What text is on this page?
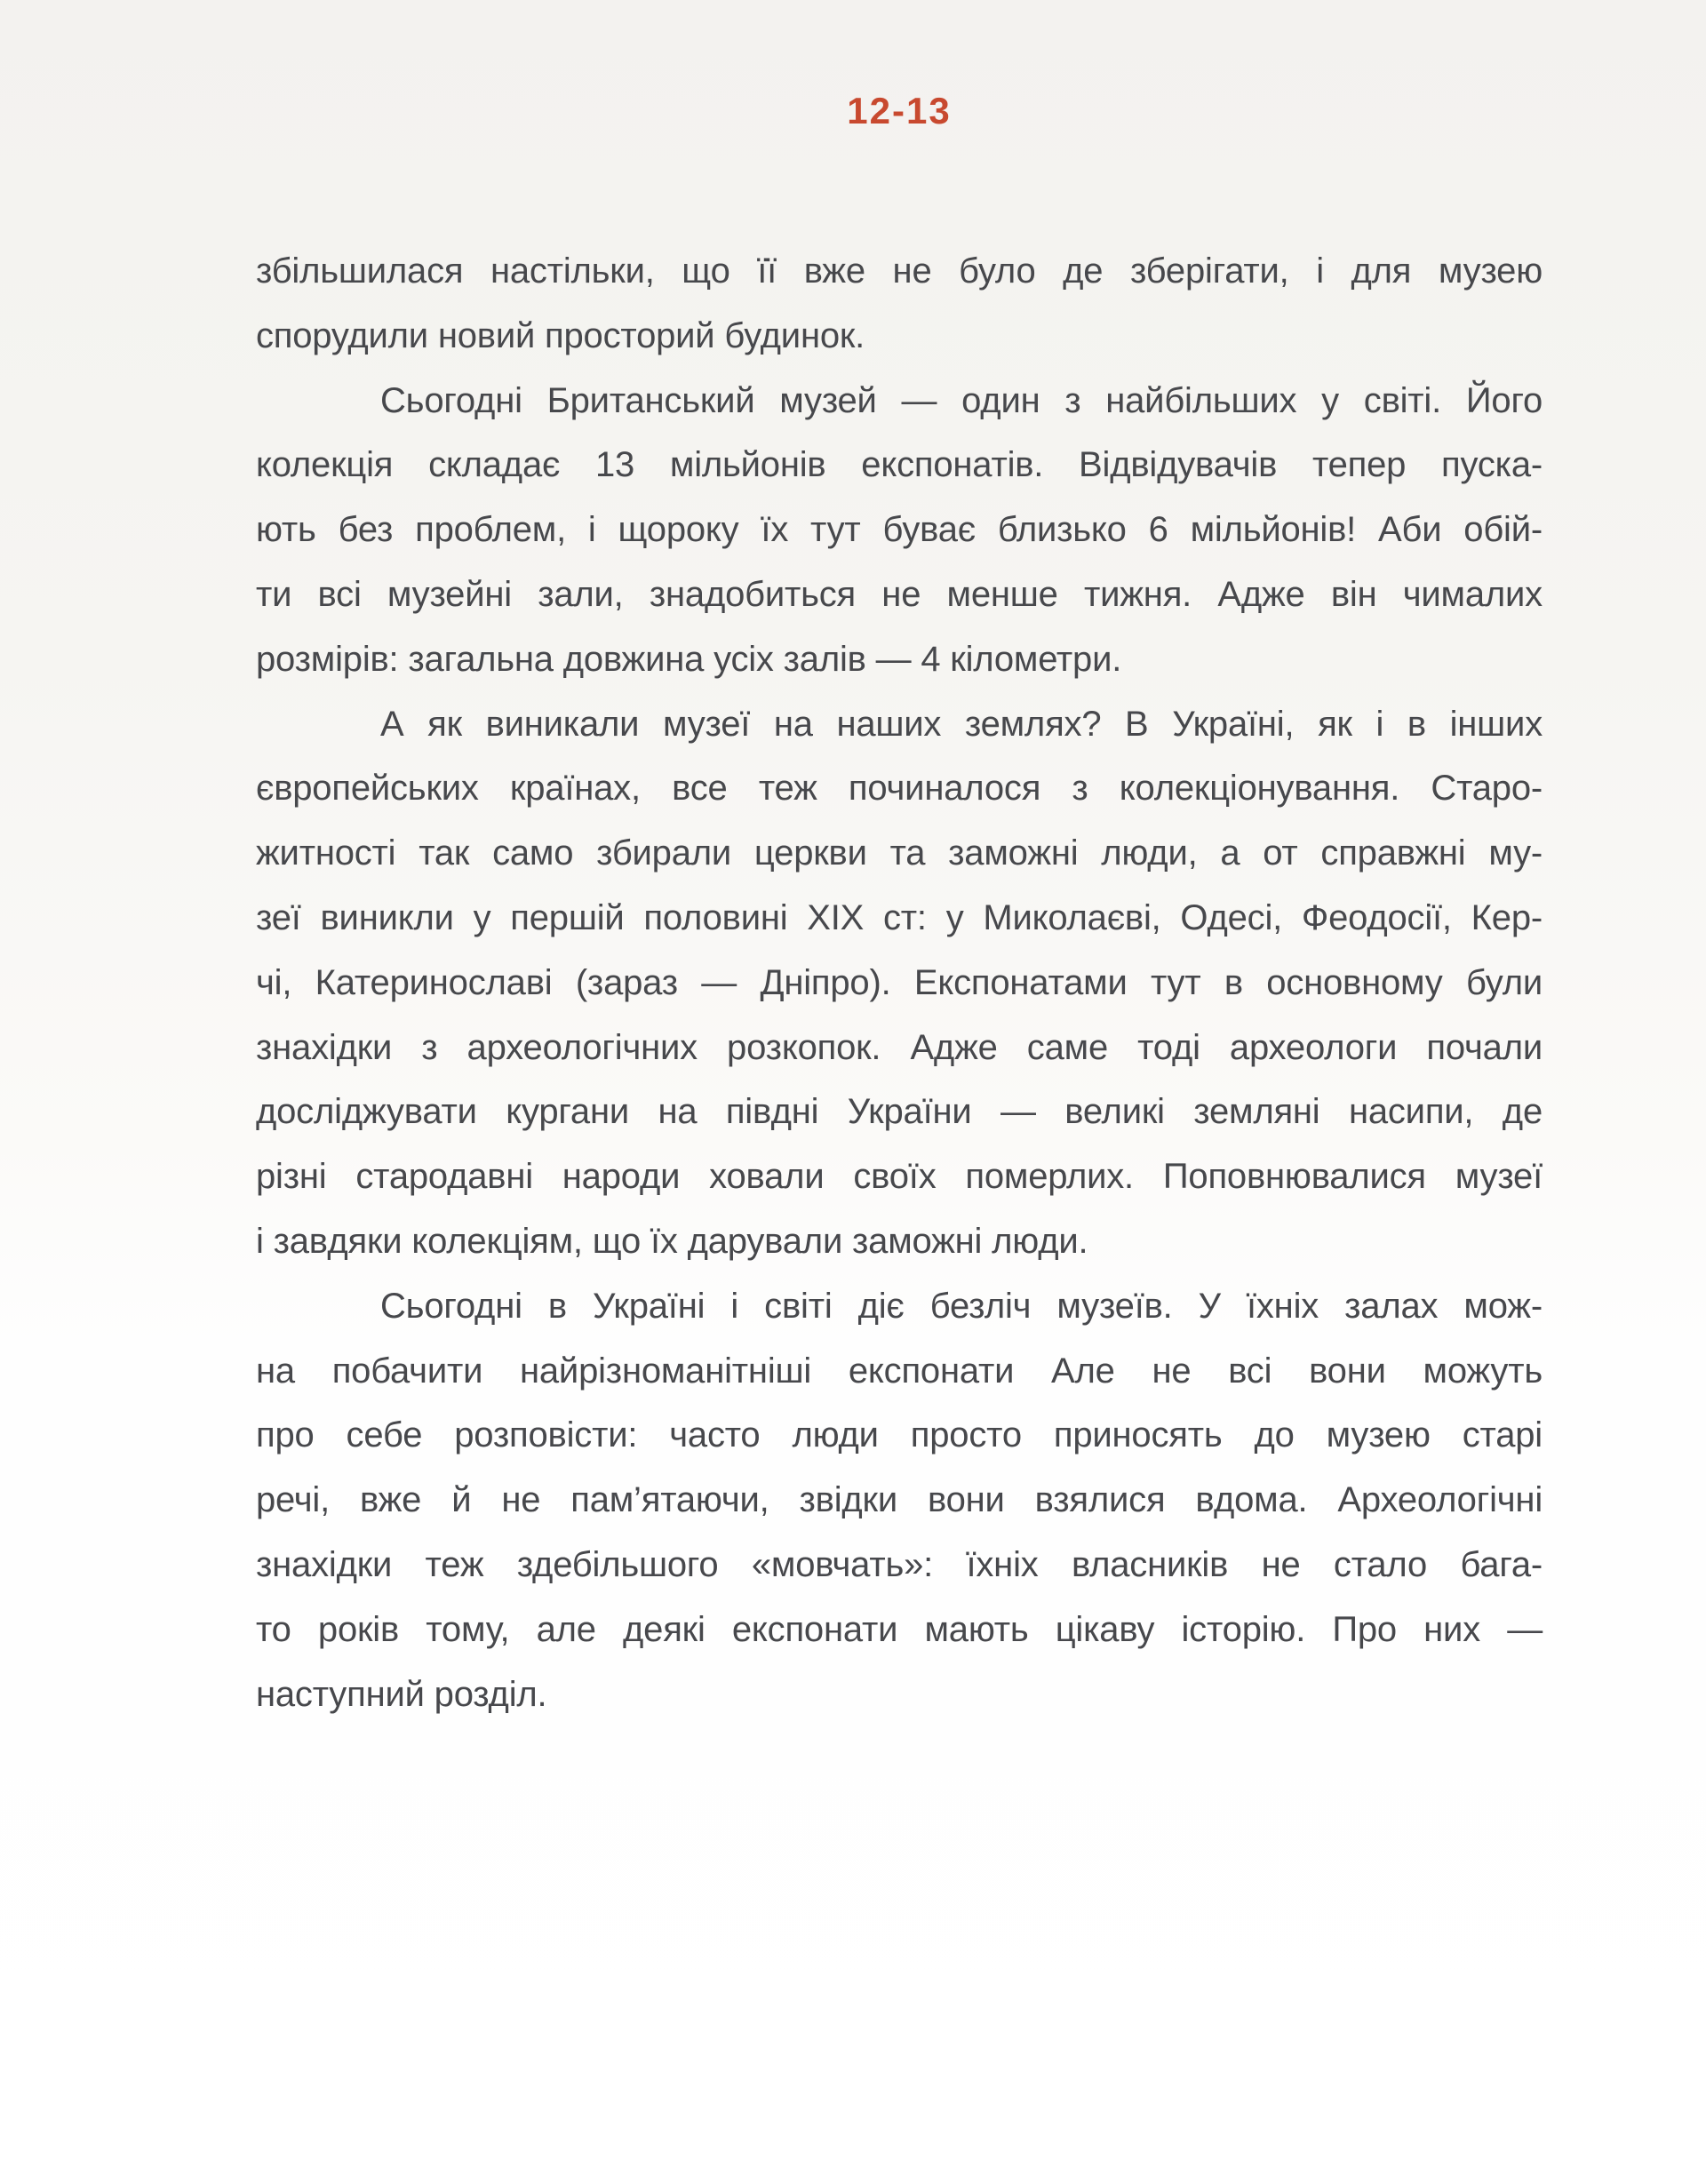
12-13
збільшилася настільки, що її вже не було де зберігати, і для музею
спорудили новий просторий будинок.
Сьогодні Британський музей — один з найбільших у світі. Його
колекція складає 13 мільйонів експонатів. Відвідувачів тепер пуска-
ють без проблем, і щороку їх тут буває близько 6 мільйонів! Аби обій-
ти всі музейні зали, знадобиться не менше тижня. Адже він чималих
розмірів: загальна довжина усіх залів — 4 кілометри.
А як виникали музеї на наших землях? В Україні, як і в інших
європейських країнах, все теж починалося з колекціонування. Старо-
житності так само збирали церкви та заможні люди, а от справжні му-
зеї виникли у першій половині XIX ст: у Миколаєві, Одесі, Феодосії, Кер-
чі, Катеринославі (зараз — Дніпро). Експонатами тут в основному були
знахідки з археологічних розкопок. Адже саме тоді археологи почали
досліджувати кургани на півдні України — великі земляні насипи, де
різні стародавні народи ховали своїх померлих. Поповнювалися музеї
і завдяки колекціям, що їх дарували заможні люди.
Сьогодні в Україні і світі діє безліч музеїв. У їхніх залах мож-
на побачити найрізноманітніші експонати Але не всі вони можуть
про себе розповісти: часто люди просто приносять до музею старі
речі, вже й не пам’ятаючи, звідки вони взялися вдома. Археологічні
знахідки теж здебільшого «мовчать»: їхніх власників не стало бага-
то років тому, але деякі експонати мають цікаву історію. Про них —
наступний розділ.
